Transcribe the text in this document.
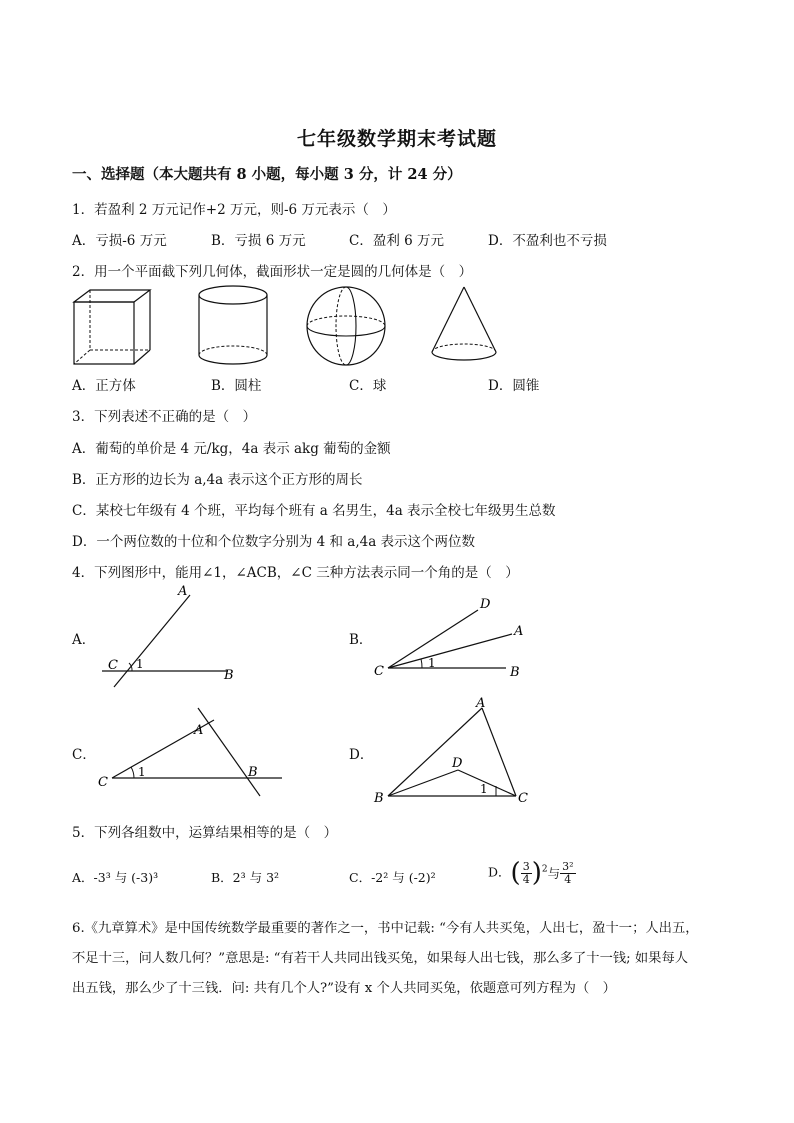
七年级数学期末考试题
一、选择题（本大题共有 8 小题，每小题 3 分，计 24 分）
1．若盈利 2 万元记作+2 万元，则-6 万元表示（　）
A．亏损-6 万元	B．亏损 6 万元	C．盈利 6 万元	D．不盈利也不亏损
2．用一个平面截下列几何体，截面形状一定是圆的几何体是（　）
A．正方体	B．圆柱	C．球	D．圆锥
3．下列表述不正确的是（　）
A．葡萄的单价是 4 元/kg，4a 表示 akg 葡萄的金额
B．正方形的边长为 a,4a 表示这个正方形的周长
C．某校七年级有 4 个班，平均每个班有 a 名男生，4a 表示全校七年级男生总数
D．一个两位数的十位和个位数字分别为 4 和 a,4a 表示这个两位数
4．下列图形中，能用∠1，∠ACB，∠C 三种方法表示同一个角的是（　）
A．
A
C 1
B
B．
D
A
C
1
B
C．
A
C
1	B
D．
A
D
B
1
C
5．下列各组数中，运算结果相等的是（　）
A．-3³ 与 (-3)³	B．2³ 与 3²	C．-2² 与 (-2)²	D．( $\frac{3}{4} )^2$与 $\frac{\text{3²}}{4}$
6.《九章算术》是中国传统数学最重要的著作之一，书中记载: “今有人共买兔，人出七，盈十一；人出五，
不足十三，问人数几何？”意思是: “有若干人共同出钱买兔，如果每人出七钱，那么多了十一钱; 如果每人
出五钱，那么少了十三钱．问: 共有几个人?”设有 x 个人共同买兔，依题意可列方程为（　）
